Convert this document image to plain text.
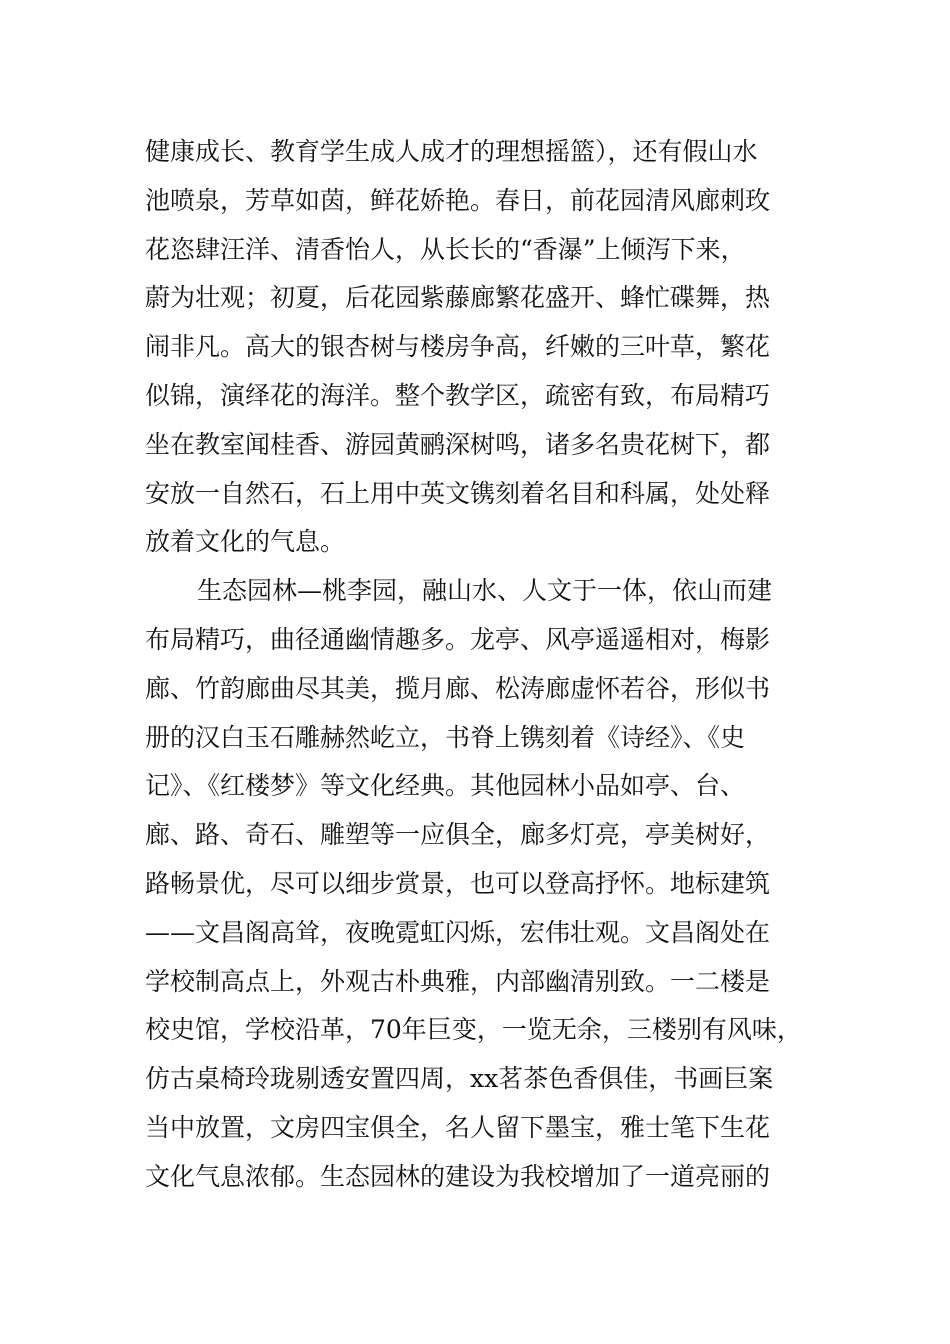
健康成长、教育学生成人成才的理想摇篮），还有假山水
池喷泉，芳草如茵，鲜花娇艳。春日，前花园清风廊刺玫
花恣肆汪洋、清香怡人，从长长的“香瀑”上倾泻下来，
蔚为壮观；初夏，后花园紫藤廊繁花盛开、蜂忙碟舞，热
闹非凡。高大的银杏树与楼房争高，纤嫩的三叶草，繁花
似锦，演绎花的海洋。整个教学区，疏密有致，布局精巧
坐在教室闻桂香、游园黄鹂深树鸣，诸多名贵花树下，都
安放一自然石，石上用中英文镌刻着名目和科属，处处释
放着文化的气息。
生态园林—桃李园，融山水、人文于一体，依山而建
布局精巧，曲径通幽情趣多。龙亭、风亭遥遥相对，梅影
廊、竹韵廊曲尽其美，揽月廊、松涛廊虚怀若谷，形似书
册的汉白玉石雕赫然屹立，书脊上镌刻着《诗经》、《史
记》、《红楼梦》等文化经典。其他园林小品如亭、台、
廊、路、奇石、雕塑等一应俱全，廊多灯亮，亭美树好，
路畅景优，尽可以细步赏景，也可以登高抒怀。地标建筑
——文昌阁高耸，夜晚霓虹闪烁，宏伟壮观。文昌阁处在
学校制高点上，外观古朴典雅，内部幽清别致。一二楼是
校史馆，学校沿革，70年巨变，一览无余，三楼别有风味，
仿古桌椅玲珑剔透安置四周，xx茗茶色香俱佳，书画巨案
当中放置，文房四宝俱全，名人留下墨宝，雅士笔下生花
文化气息浓郁。生态园林的建设为我校增加了一道亮丽的
